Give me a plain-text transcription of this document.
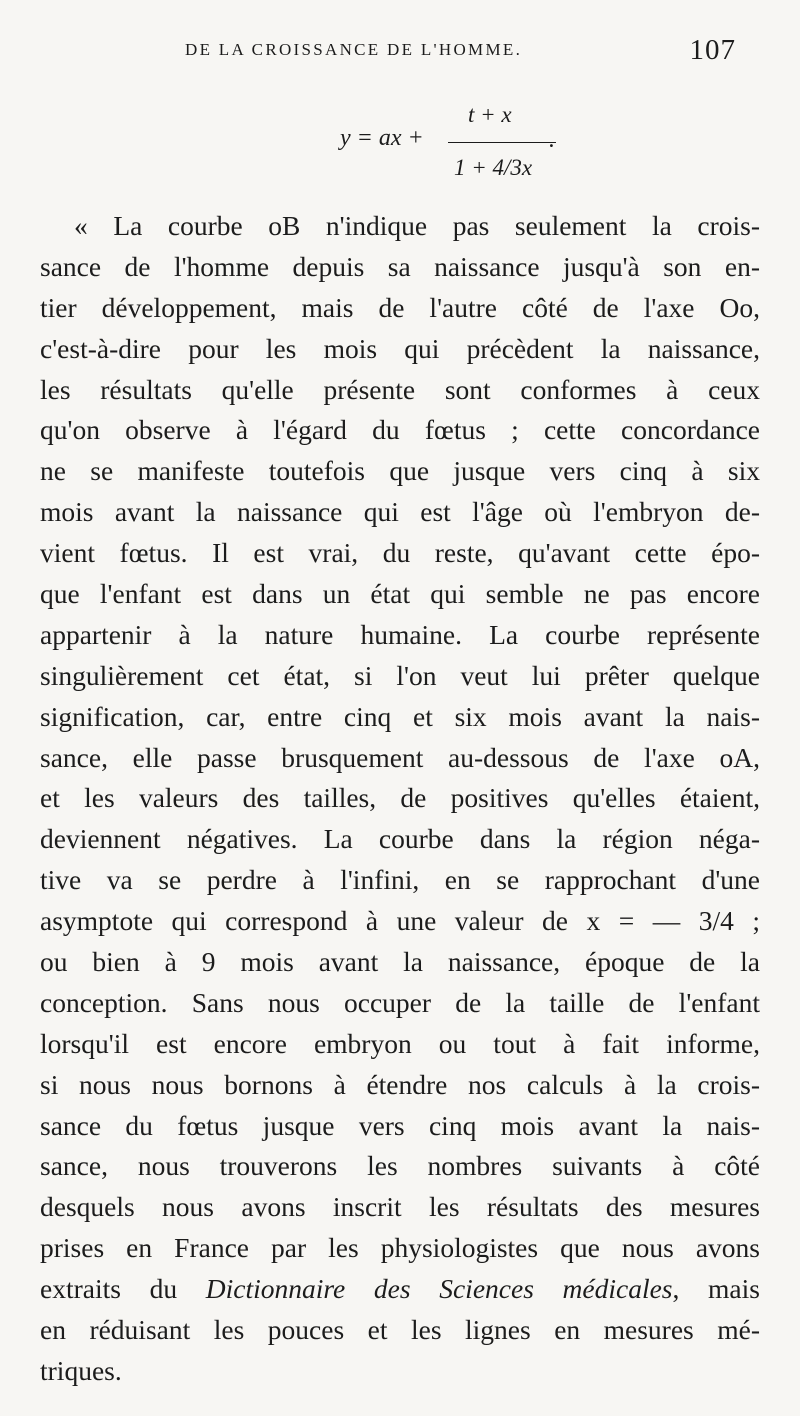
DE LA CROISSANCE DE L'HOMME.	107
y = ax +
t + x
1 + 4/3x
.
« La courbe oB n'indique pas seulement la crois-
sance de l'homme depuis sa naissance jusqu'à son en-
tier développement, mais de l'autre côté de l'axe Oo,
c'est-à-dire pour les mois qui précèdent la naissance,
les résultats qu'elle présente sont conformes à ceux
qu'on observe à l'égard du fœtus ; cette concordance
ne se manifeste toutefois que jusque vers cinq à six
mois avant la naissance qui est l'âge où l'embryon de-
vient fœtus. Il est vrai, du reste, qu'avant cette épo-
que l'enfant est dans un état qui semble ne pas encore
appartenir à la nature humaine. La courbe représente
singulièrement cet état, si l'on veut lui prêter quelque
signification, car, entre cinq et six mois avant la nais-
sance, elle passe brusquement au-dessous de l'axe oA,
et les valeurs des tailles, de positives qu'elles étaient,
deviennent négatives. La courbe dans la région néga-
tive va se perdre à l'infini, en se rapprochant d'une
asymptote qui correspond à une valeur de x = — 3/4 ;
ou bien à 9 mois avant la naissance, époque de la
conception. Sans nous occuper de la taille de l'enfant
lorsqu'il est encore embryon ou tout à fait informe,
si nous nous bornons à étendre nos calculs à la crois-
sance du fœtus jusque vers cinq mois avant la nais-
sance, nous trouverons les nombres suivants à côté
desquels nous avons inscrit les résultats des mesures
prises en France par les physiologistes que nous avons
extraits du Dictionnaire des Sciences médicales, mais
en réduisant les pouces et les lignes en mesures mé-
triques.
